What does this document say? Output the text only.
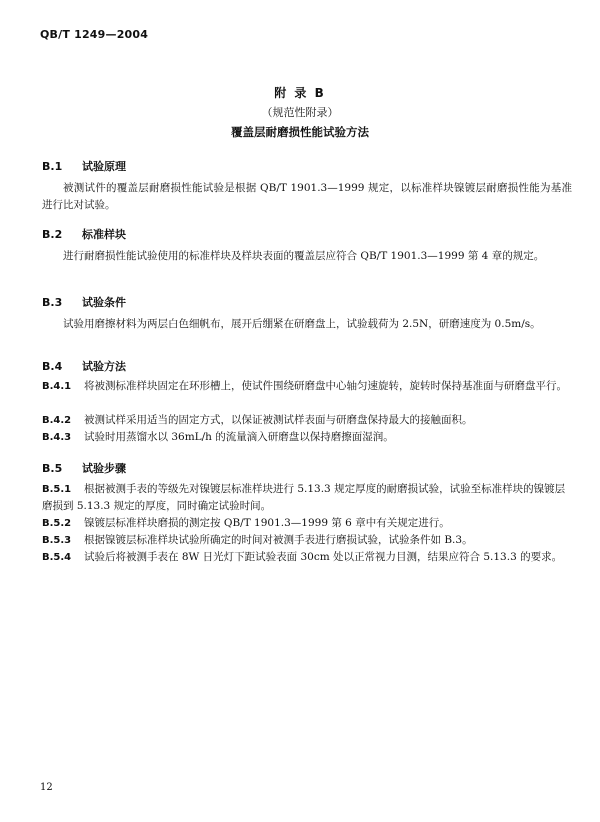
QB/T 1249—2004
附 录 B
（规范性附录）
覆盖层耐磨损性能试验方法
B.1 试验原理
被测试件的覆盖层耐磨损性能试验是根据 QB/T 1901.3—1999 规定，以标准样块镍镀层耐磨损性能为基准进行比对试验。
B.2 标准样块
进行耐磨损性能试验使用的标准样块及样块表面的覆盖层应符合 QB/T 1901.3—1999 第 4 章的规定。
B.3 试验条件
试验用磨擦材料为两层白色细帆布，展开后绷紧在研磨盘上，试验载荷为 2.5N，研磨速度为 0.5m/s。
B.4 试验方法
B.4.1 将被测标准样块固定在环形槽上，使试件围绕研磨盘中心轴匀速旋转，旋转时保持基准面与研磨盘平行。
B.4.2 被测试样采用适当的固定方式，以保证被测试样表面与研磨盘保持最大的接触面积。
B.4.3 试验时用蒸馏水以 36mL/h 的流量滴入研磨盘以保持磨擦面湿润。
B.5 试验步骤
B.5.1 根据被测手表的等级先对镍镀层标准样块进行 5.13.3 规定厚度的耐磨损试验，试验至标准样块的镍镀层磨损到 5.13.3 规定的厚度，同时确定试验时间。
B.5.2 镍镀层标准样块磨损的测定按 QB/T 1901.3—1999 第 6 章中有关规定进行。
B.5.3 根据镍镀层标准样块试验所确定的时间对被测手表进行磨损试验，试验条件如 B.3。
B.5.4 试验后将被测手表在 8W 日光灯下距试验表面 30cm 处以正常视力目测，结果应符合 5.13.3 的要求。
12
